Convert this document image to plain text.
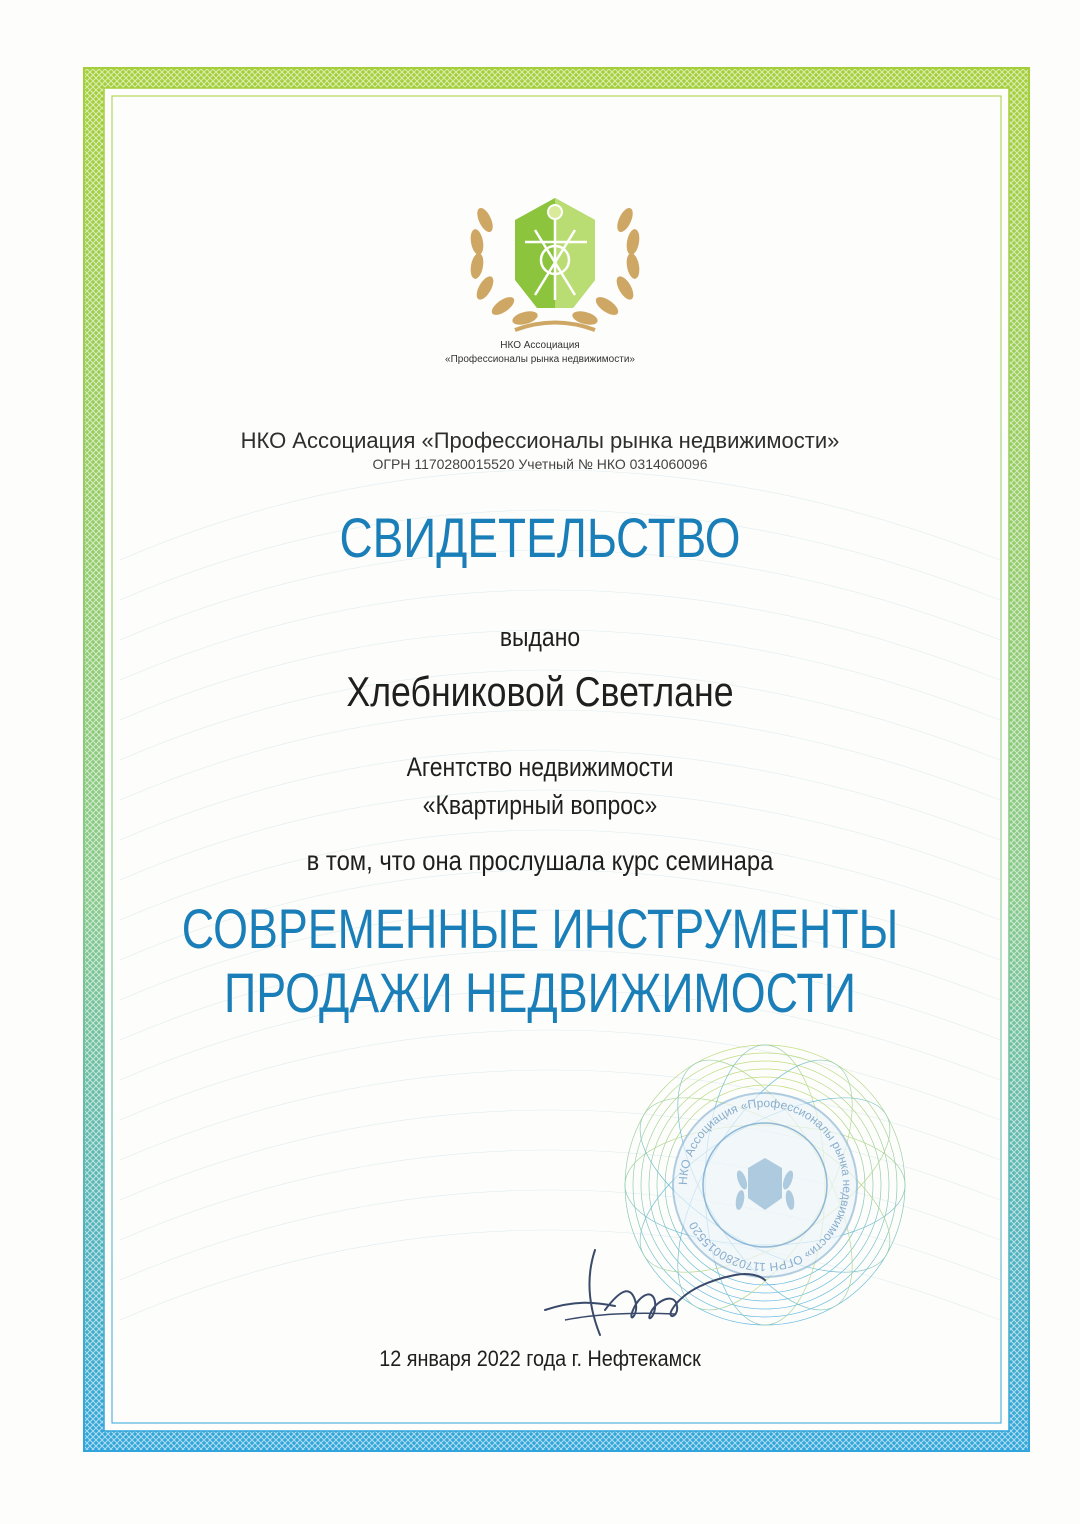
НКО Ассоциация
«Профессионалы рынка недвижимости»
НКО Ассоциация «Профессионалы рынка недвижимости»
ОГРН 1170280015520 Учетный № НКО 0314060096
СВИДЕТЕЛЬСТВО
выдано
Хлебниковой Светлане
Агентство недвижимости
«Квартирный вопрос»
в том, что она прослушала курс семинара
СОВРЕМЕННЫЕ ИНСТРУМЕНТЫ
ПРОДАЖИ НЕДВИЖИМОСТИ
НКО Ассоциация «Профессионалы рынка недвижимости» ОГРН 1170280015520
12 января 2022 года г. Нефтекамск
